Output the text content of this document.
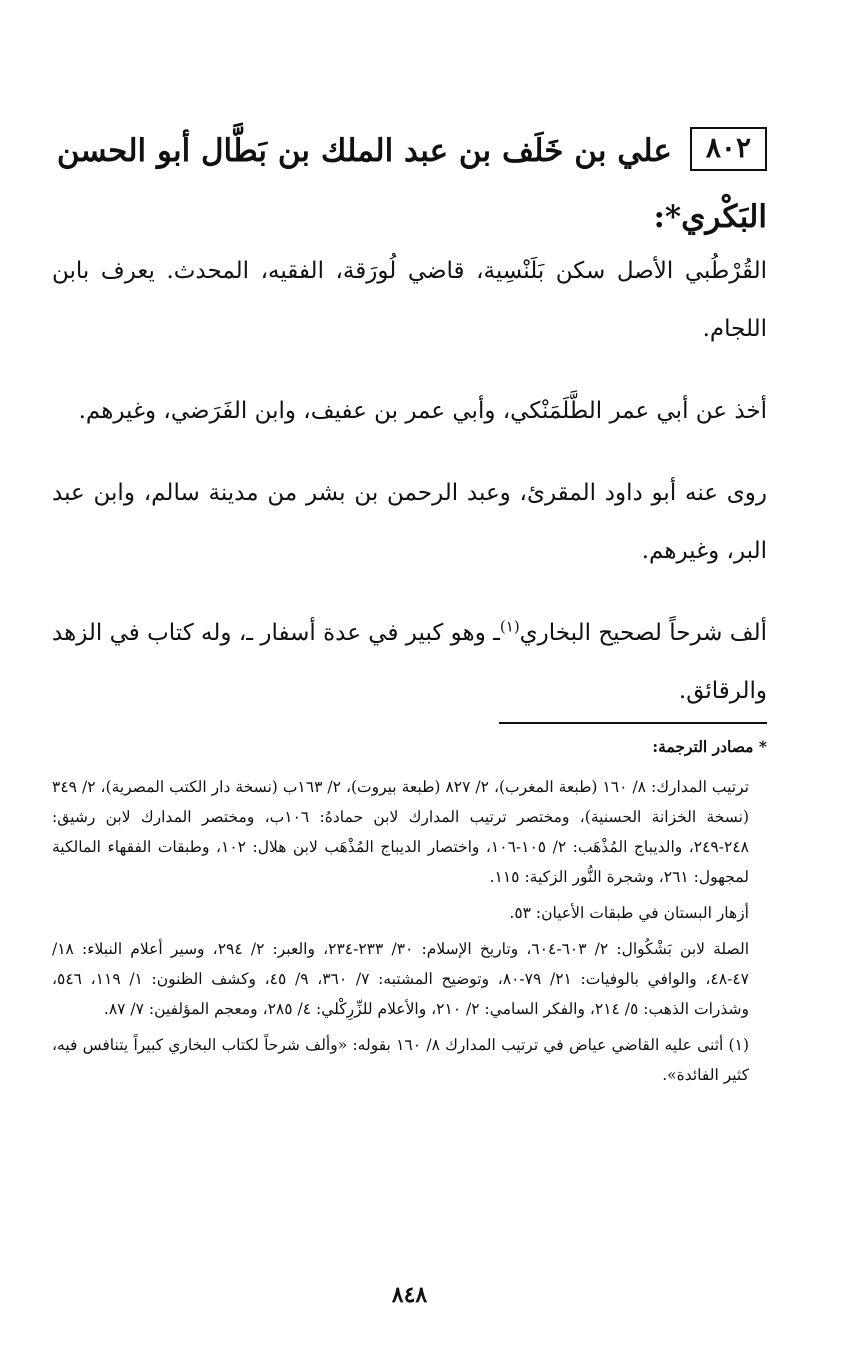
٨٠٢علي بن خَلَف بن عبد الملك بن بَطَّال أبو الحسن
البَكْري*:

القُرْطُبي الأصل سكن بَلَنْسِية، قاضي لُورَقة، الفقيه، المحدث. يعرف بابن اللجام.

أخذ عن أبي عمر الطَّلَمَنْكي، وأبي عمر بن عفيف، وابن الفَرَضي، وغيرهم.

روى عنه أبو داود المقرئ، وعبد الرحمن بن بشر من مدينة سالم، وابن عبد البر، وغيرهم.

ألف شرحاً لصحيح البخاري$^{(١)}$ـ وهو كبير في عدة أسفار ـ، وله كتاب في الزهد والرقائق.

* مصادر الترجمة:

ترتيب المدارك: ٨/ ١٦٠ (طبعة المغرب)، ٢/ ٨٢٧ (طبعة بيروت)، ٢/ ١٦٣ب (نسخة دار الكتب المصرية)، ٢/ ٣٤٩ (نسخة الخزانة الحسنية)، ومختصر ترتيب المدارك لابن حمادهُ: ١٠٦ب، ومختصر المدارك لابن رشيق: ٢٤٨-٢٤٩، والديباج المُذْهَب: ٢/ ١٠٥-١٠٦، واختصار الديباج المُذْهَب لابن هلال: ١٠٢، وطبقات الفقهاء المالكية لمجهول: ٢٦١، وشجرة النُّور الزكية: ١١٥.

أزهار البستان في طبقات الأعيان: ٥٣.

الصلة لابن بَشْكُوال: ٢/ ٦٠٣-٦٠٤، وتاريخ الإسلام: ٣٠/ ٢٣٣-٢٣٤، والعبر: ٢/ ٢٩٤، وسير أعلام النبلاء: ١٨/ ٤٧-٤٨، والوافي بالوفيات: ٢١/ ٧٩-٨٠، وتوضيح المشتبه: ٧/ ٣٦٠، ٩/ ٤٥، وكشف الظنون: ١/ ١١٩، ٥٤٦، وشذرات الذهب: ٥/ ٢١٤، والفكر السامي: ٢/ ٢١٠، والأعلام للزِّرِكْلي: ٤/ ٢٨٥، ومعجم المؤلفين: ٧/ ٨٧.

(١) أثنى عليه القاضي عياض في ترتيب المدارك ٨/ ١٦٠ بقوله: «وألف شرحاً لكتاب البخاري كبيراً يتنافس فيه، كثير الفائدة».

٨٤٨
